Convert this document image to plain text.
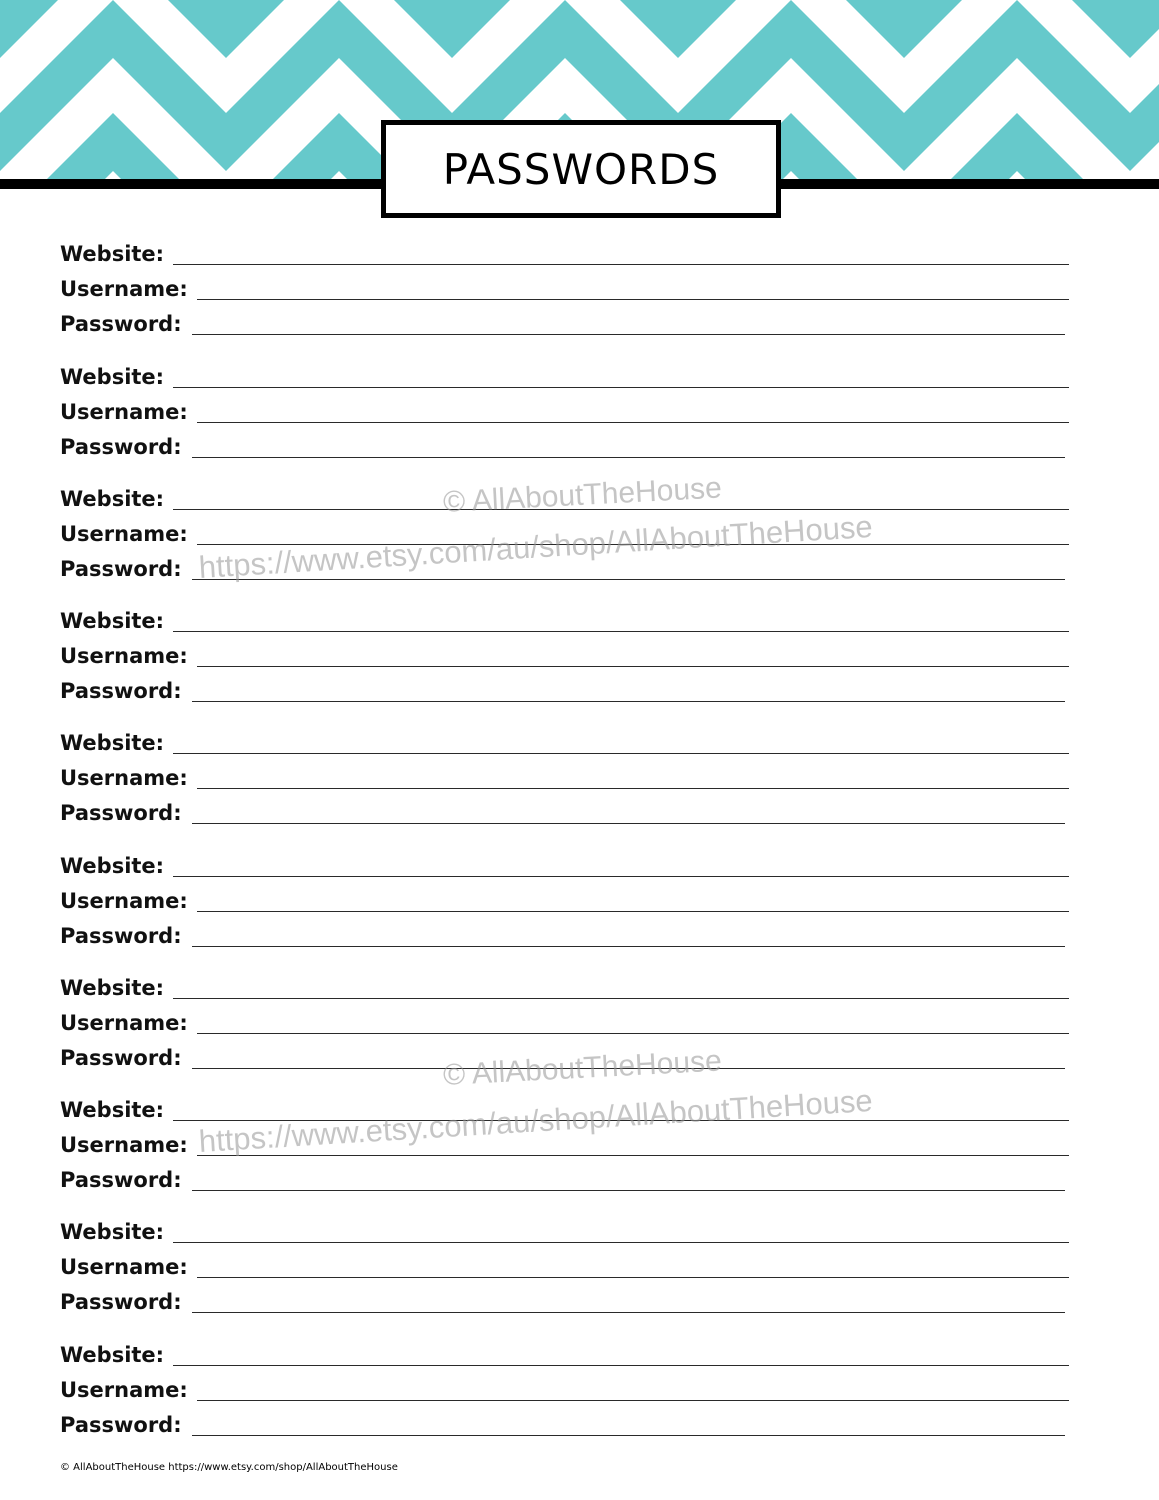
PASSWORDS
Website:
Username:
Password:
Website:
Username:
Password:
Website:
Username:
Password:
Website:
Username:
Password:
Website:
Username:
Password:
Website:
Username:
Password:
Website:
Username:
Password:
Website:
Username:
Password:
Website:
Username:
Password:
Website:
Username:
Password:
© AllAboutTheHouse
https://www.etsy.com/au/shop/AllAboutTheHouse
© AllAboutTheHouse
https://www.etsy.com/au/shop/AllAboutTheHouse
© AllAboutTheHouse https://www.etsy.com/shop/AllAboutTheHouse
